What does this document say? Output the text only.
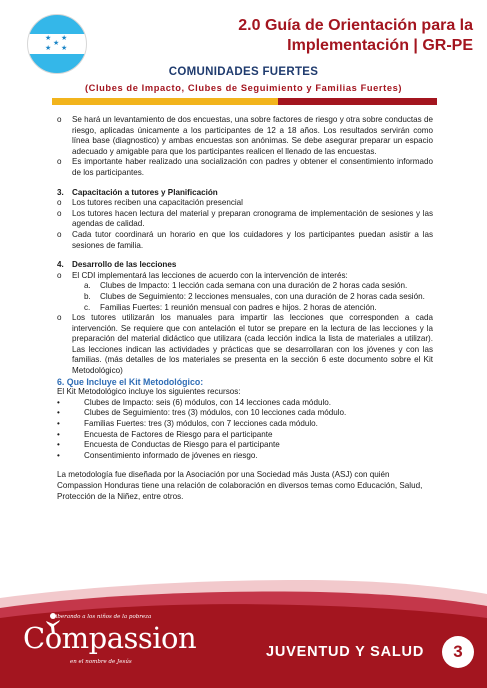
★ ★
★
★ ★
2.0 Guía de Orientación para la
Implementación | GR-PE
COMUNIDADES FUERTES
(Clubes de Impacto, Clubes de Seguimiento y Familias Fuertes)
o	Se hará un levantamiento de dos encuestas, una sobre factores de riesgo y otra sobre conductas de riesgo, aplicadas únicamente a los participantes de 12 a 18 años. Los resultados servirán como línea base (diagnostico) y ambas encuestas son anónimas. Se debe asegurar preparar un espacio adecuado y amigable para que los participantes realicen el llenado de las encuestas.
o	Es importante haber realizado una socialización con padres y obtener el consentimiento informado de los participantes.
3.	Capacitación a tutores y Planificación
o	Los tutores reciben una capacitación presencial
o	Los tutores hacen lectura del material y preparan cronograma de implementación de sesiones y las agendas de calidad.
o	Cada tutor coordinará un horario en que los cuidadores y los participantes puedan asistir a las sesiones de familia.
4.	Desarrollo de las lecciones
o	El CDI implementará las lecciones de acuerdo con la intervención de interés:
a.	Clubes de Impacto: 1 lección cada semana con una duración de 2 horas cada sesión.
b.	Clubes de Seguimiento: 2 lecciones mensuales, con una duración de 2 horas cada sesión.
c.	Familias Fuertes: 1 reunión mensual con padres e hijos. 2 horas de atención.
o	Los tutores utilizarán los manuales para impartir las lecciones que corresponden a cada intervención. Se requiere que con antelación el tutor se prepare en la lectura de las lecciones y la preparación del material didáctico que utilizara (cada lección indica la lista de materiales a utilizar). Las lecciones indican las actividades y prácticas que se desarrollaran con los jóvenes y con las familias. (más detalles de los materiales se presenta en la sección 6 este documento sobre el Kit Metodológico)

6. Que Incluye el Kit Metodológico:

El Kit Metodológico incluye los siguientes recursos:

•	Clubes de Impacto: seis (6) módulos, con 14 lecciones cada módulo.
•	Clubes de Seguimiento: tres (3) módulos, con 10 lecciones cada módulo.
•	Familias Fuertes: tres (3) módulos, con 7 lecciones cada módulo.
•	Encuesta de Factores de Riesgo para el participante
•	Encuesta de Conductas de Riesgo para el participante
•	Consentimiento informado de jóvenes en riesgo.

La metodología fue diseñada por la Asociación por una Sociedad más Justa (ASJ) con quién Compassion Honduras tiene una relación de colaboración en diversos temas como Educación, Salud, Protección de la Niñez, entre otros.

Liberando a los niños de la pobreza
Compassion
en el nombre de Jesús
JUVENTUD Y SALUD	3
